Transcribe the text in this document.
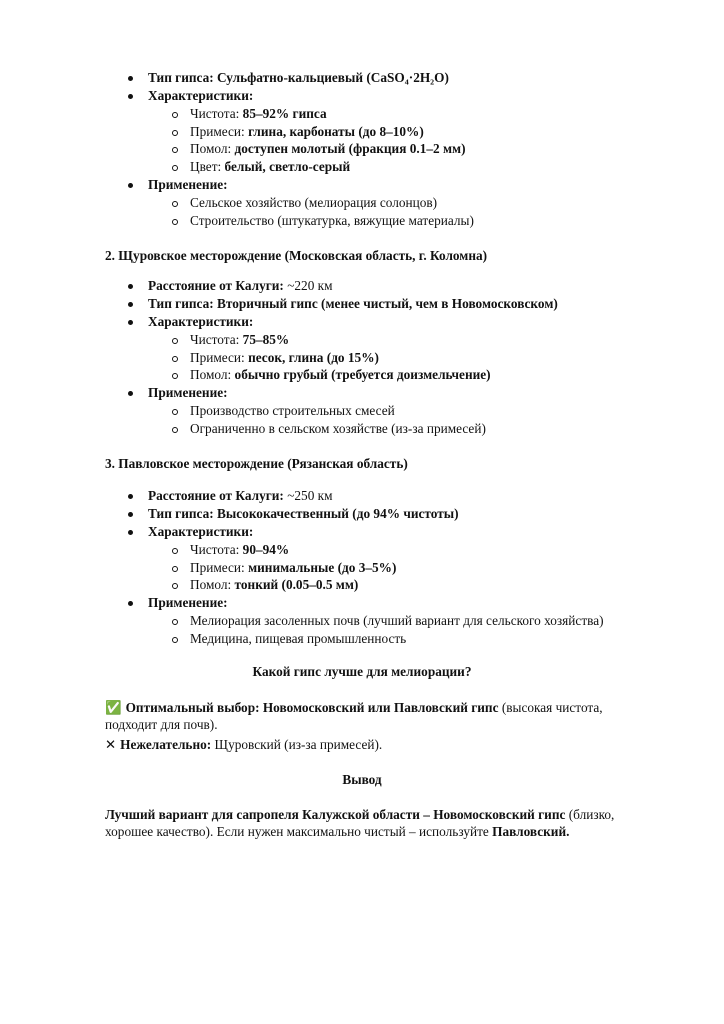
Тип гипса: Сульфатно-кальциевый (CaSO₄·2H₂O)
Характеристики:
Чистота: 85–92% гипса
Примеси: глина, карбонаты (до 8–10%)
Помол: доступен молотый (фракция 0.1–2 мм)
Цвет: белый, светло-серый
Применение:
Сельское хозяйство (мелиорация солонцов)
Строительство (штукатурка, вяжущие материалы)
2. Щуровское месторождение (Московская область, г. Коломна)
Расстояние от Калуги: ~220 км
Тип гипса: Вторичный гипс (менее чистый, чем в Новомосковском)
Характеристики:
Чистота: 75–85%
Примеси: песок, глина (до 15%)
Помол: обычно грубый (требуется доизмельчение)
Применение:
Производство строительных смесей
Ограниченно в сельском хозяйстве (из-за примесей)
3. Павловское месторождение (Рязанская область)
Расстояние от Калуги: ~250 км
Тип гипса: Высококачественный (до 94% чистоты)
Характеристики:
Чистота: 90–94%
Примеси: минимальные (до 3–5%)
Помол: тонкий (0.05–0.5 мм)
Применение:
Мелиорация засоленных почв (лучший вариант для сельского хозяйства)
Медицина, пищевая промышленность
Какой гипс лучше для мелиорации?
✅ Оптимальный выбор: Новомосковский или Павловский гипс (высокая чистота,
подходит для почв).
✕ Нежелательно: Щуровский (из-за примесей).
Вывод
Лучший вариант для сапропеля Калужской области – Новомосковский гипс (близко,
хорошее качество). Если нужен максимально чистый – используйте Павловский.
